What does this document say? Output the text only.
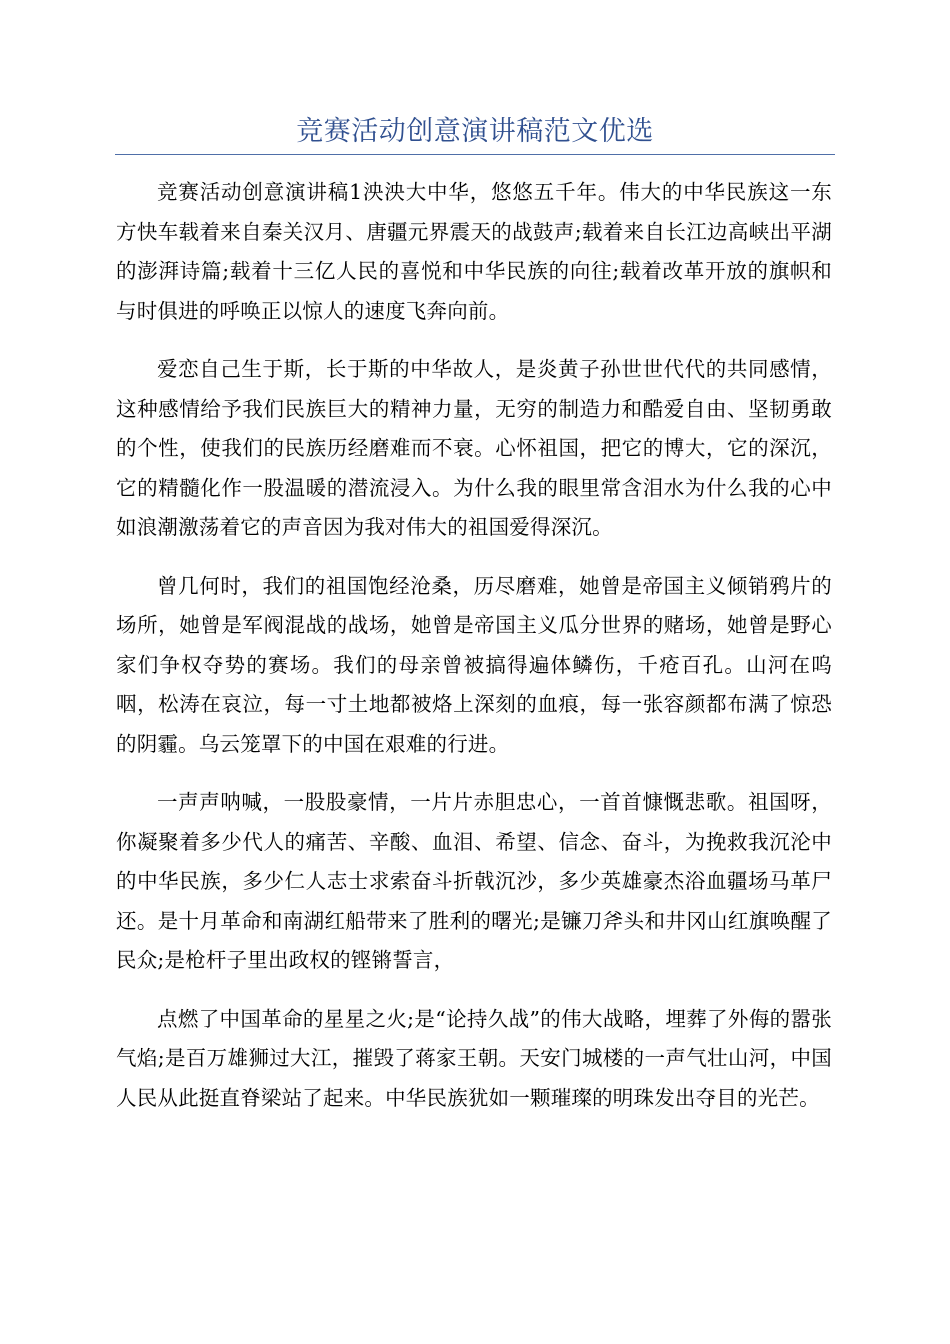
竞赛活动创意演讲稿范文优选

竞赛活动创意演讲稿1泱泱大中华，悠悠五千年。伟大的中华民族这一东方快车载着来自秦关汉月、唐疆元界震天的战鼓声;载着来自长江边高峡出平湖的澎湃诗篇;载着十三亿人民的喜悦和中华民族的向往;载着改革开放的旗帜和与时俱进的呼唤正以惊人的速度飞奔向前。

爱恋自己生于斯，长于斯的中华故人，是炎黄子孙世世代代的共同感情，这种感情给予我们民族巨大的精神力量，无穷的制造力和酷爱自由、坚韧勇敢的个性，使我们的民族历经磨难而不衰。心怀祖国，把它的博大，它的深沉，它的精髓化作一股温暖的潜流浸入。为什么我的眼里常含泪水为什么我的心中如浪潮激荡着它的声音因为我对伟大的祖国爱得深沉。

曾几何时，我们的祖国饱经沧桑，历尽磨难，她曾是帝国主义倾销鸦片的场所，她曾是军阀混战的战场，她曾是帝国主义瓜分世界的赌场，她曾是野心家们争权夺势的赛场。我们的母亲曾被搞得遍体鳞伤，千疮百孔。山河在呜咽，松涛在哀泣，每一寸土地都被烙上深刻的血痕，每一张容颜都布满了惊恐的阴霾。乌云笼罩下的中国在艰难的行进。

一声声呐喊，一股股豪情，一片片赤胆忠心，一首首慷慨悲歌。祖国呀，你凝聚着多少代人的痛苦、辛酸、血泪、希望、信念、奋斗，为挽救我沉沦中的中华民族，多少仁人志士求索奋斗折戟沉沙，多少英雄豪杰浴血疆场马革尸还。是十月革命和南湖红船带来了胜利的曙光;是镰刀斧头和井冈山红旗唤醒了民众;是枪杆子里出政权的铿锵誓言，

点燃了中国革命的星星之火;是“论持久战”的伟大战略，埋葬了外侮的嚣张气焰;是百万雄狮过大江，摧毁了蒋家王朝。天安门城楼的一声气壮山河，中国人民从此挺直脊梁站了起来。中华民族犹如一颗璀璨的明珠发出夺目的光芒。
